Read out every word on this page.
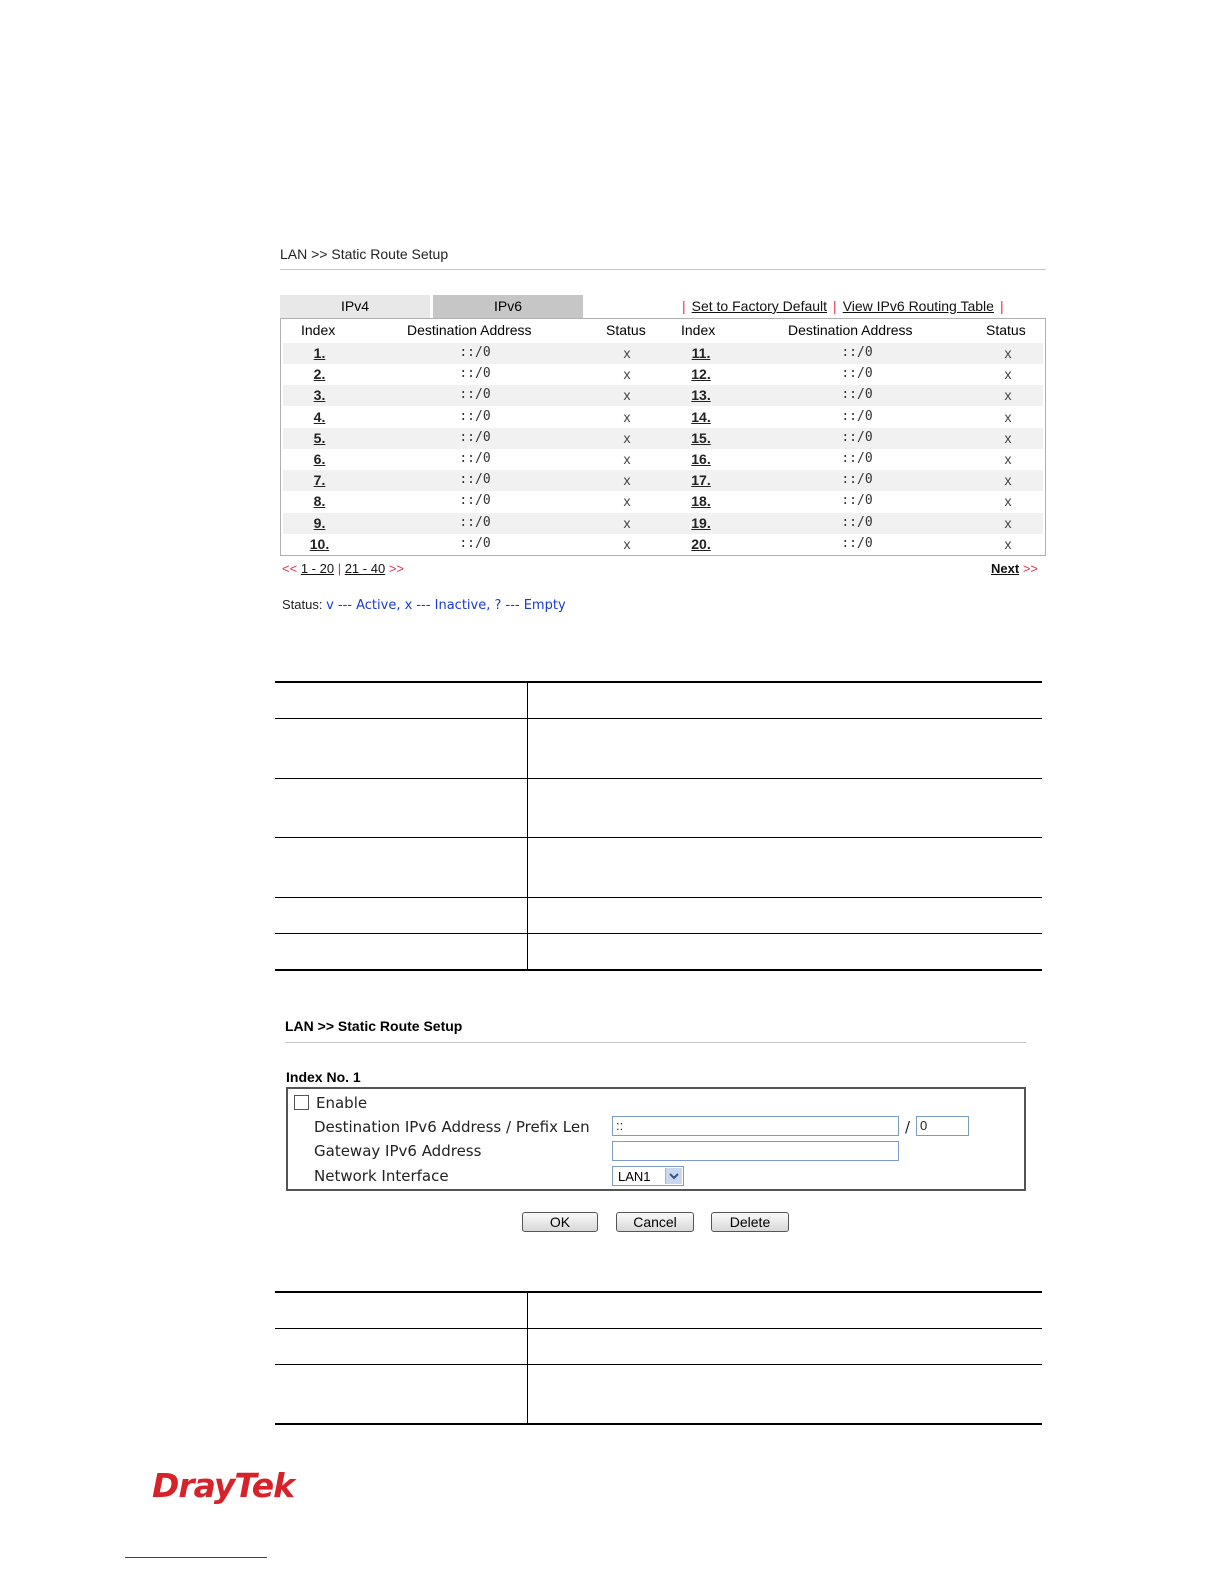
LAN >> Static Route Setup
IPv4	IPv6	| Set to Factory Default | View IPv6 Routing Table |
Index	Destination Address	Status	Index	Destination Address	Status
1.	::/0	x	11.	::/0	x
2.	::/0	x	12.	::/0	x
3.	::/0	x	13.	::/0	x
4.	::/0	x	14.	::/0	x
5.	::/0	x	15.	::/0	x
6.	::/0	x	16.	::/0	x
7.	::/0	x	17.	::/0	x
8.	::/0	x	18.	::/0	x
9.	::/0	x	19.	::/0	x
10.	::/0	x	20.	::/0	x
<< 1 - 20 | 21 - 40 >>	Next >>
Status: v --- Active, x --- Inactive, ? --- Empty
LAN >> Static Route Setup
Index No. 1
Enable
Destination IPv6 Address / Prefix Len	::	/ 0
Gateway IPv6 Address
Network Interface	LAN1
OK	Cancel	Delete
DrayTek
